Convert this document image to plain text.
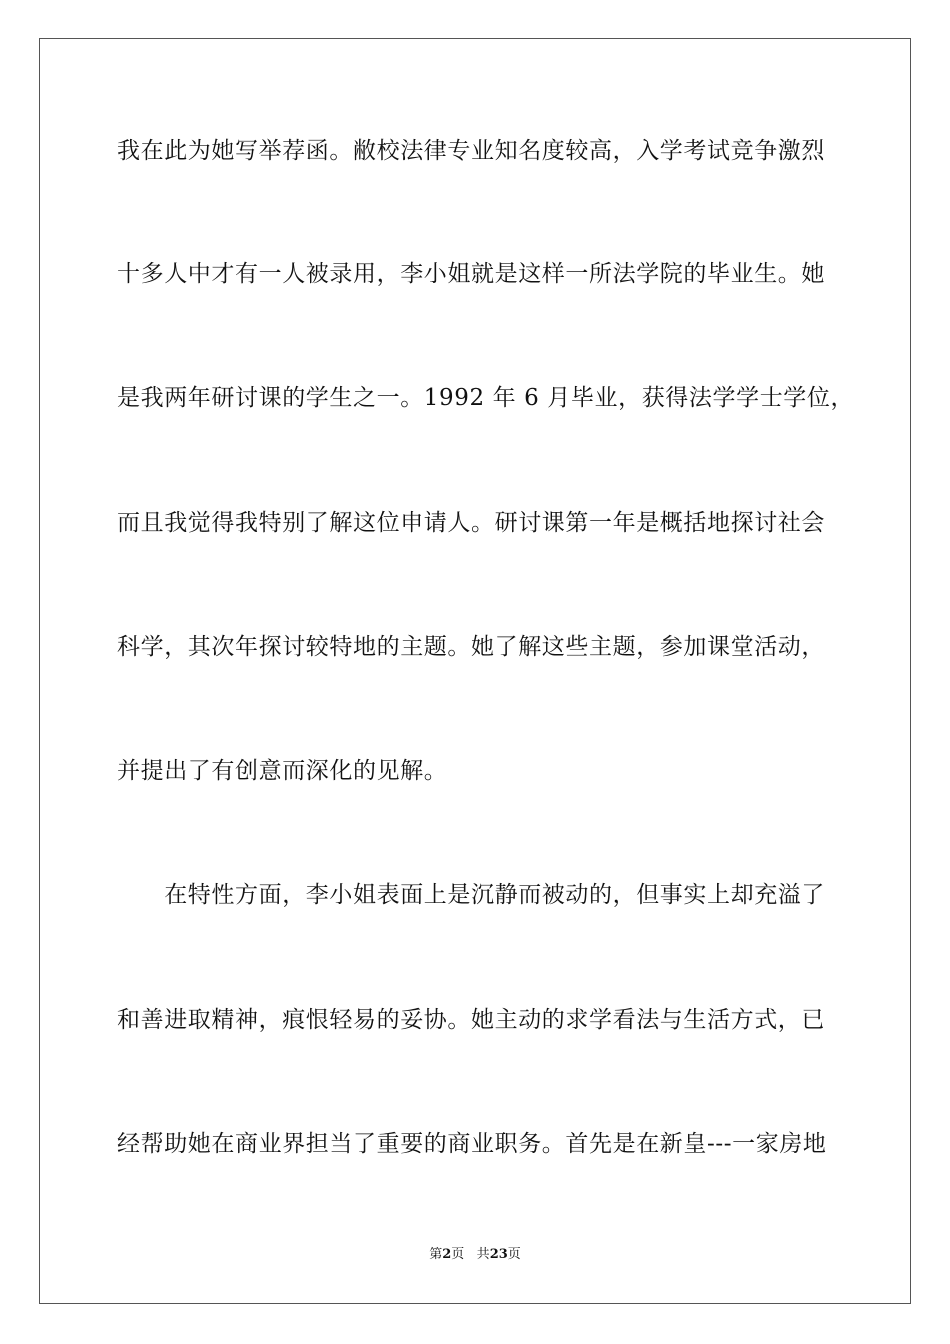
我在此为她写举荐函。敝校法律专业知名度较高，入学考试竞争激烈
十多人中才有一人被录用，李小姐就是这样一所法学院的毕业生。她
是我两年研讨课的学生之一。1992 年 6 月毕业，获得法学学士学位，
而且我觉得我特别了解这位申请人。研讨课第一年是概括地探讨社会
科学，其次年探讨较特地的主题。她了解这些主题，参加课堂活动，
并提出了有创意而深化的见解。
　　在特性方面，李小姐表面上是沉静而被动的，但事实上却充溢了
和善进取精神，痕恨轻易的妥协。她主动的求学看法与生活方式，已
经帮助她在商业界担当了重要的商业职务。首先是在新皇---一家房地
第2页 共23页
